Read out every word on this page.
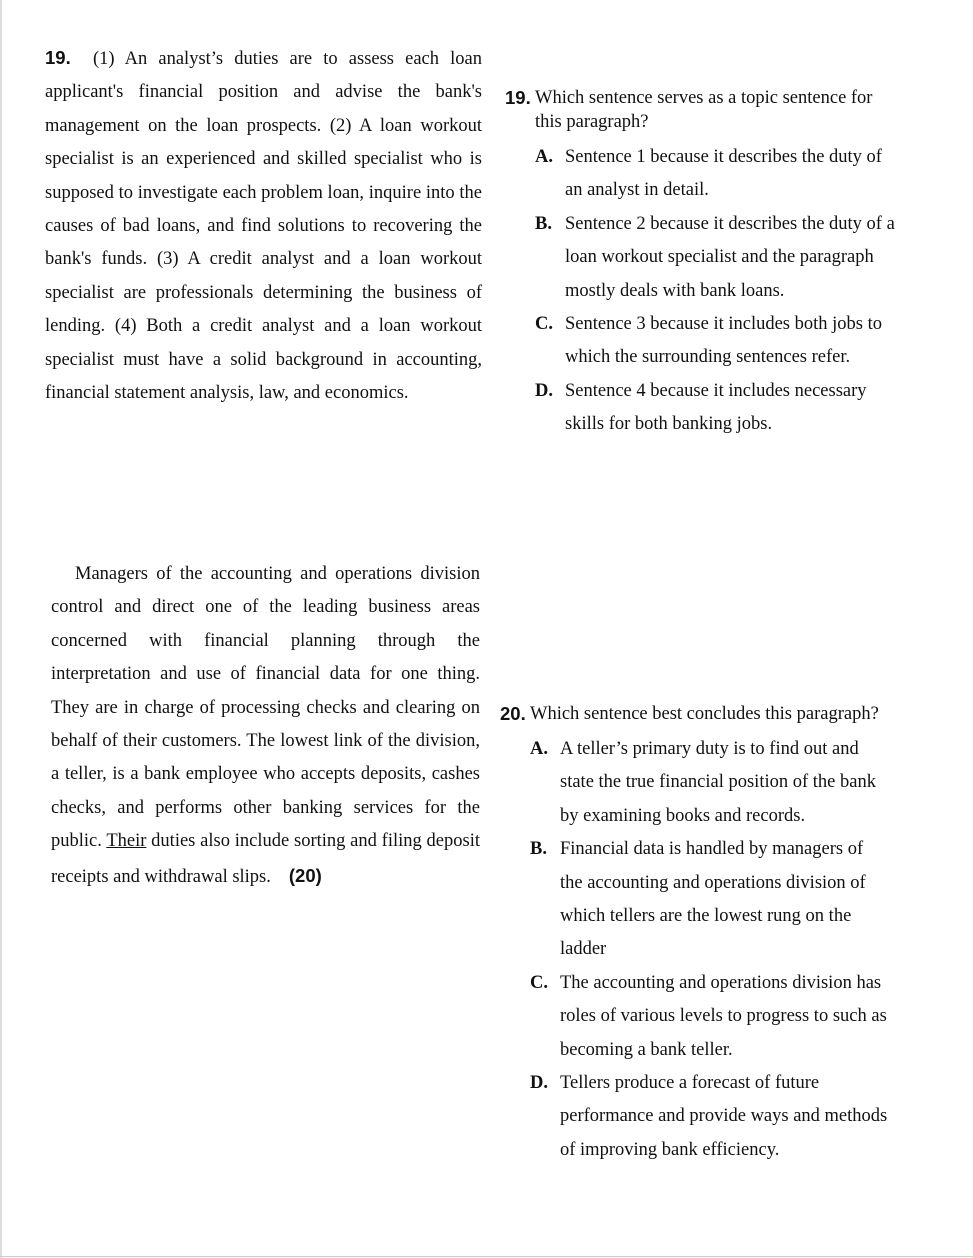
19. (1) An analyst’s duties are to assess each loan applicant's financial position and advise the bank's management on the loan prospects. (2) A loan workout specialist is an experienced and skilled specialist who is supposed to investigate each problem loan, inquire into the causes of bad loans, and find solutions to recovering the bank's funds. (3) A credit analyst and a loan workout specialist are professionals determining the business of lending. (4) Both a credit analyst and a loan workout specialist must have a solid background in accounting, financial statement analysis, law, and economics.

19. Which sentence serves as a topic sentence for this paragraph?
A. Sentence 1 because it describes the duty of an analyst in detail.
B. Sentence 2 because it describes the duty of a loan workout specialist and the paragraph mostly deals with bank loans.
C. Sentence 3 because it includes both jobs to which the surrounding sentences refer.
D. Sentence 4 because it includes necessary skills for both banking jobs.

Managers of the accounting and operations division control and direct one of the leading business areas concerned with financial planning through the interpretation and use of financial data for one thing. They are in charge of processing checks and clearing on behalf of their customers. The lowest link of the division, a teller, is a bank employee who accepts deposits, cashes checks, and performs other banking services for the public. Their duties also include sorting and filing deposit receipts and withdrawal slips. (20)

20. Which sentence best concludes this paragraph?
A. A teller’s primary duty is to find out and state the true financial position of the bank by examining books and records.
B. Financial data is handled by managers of the accounting and operations division of which tellers are the lowest rung on the ladder
C. The accounting and operations division has roles of various levels to progress to such as becoming a bank teller.
D. Tellers produce a forecast of future performance and provide ways and methods of improving bank efficiency.
